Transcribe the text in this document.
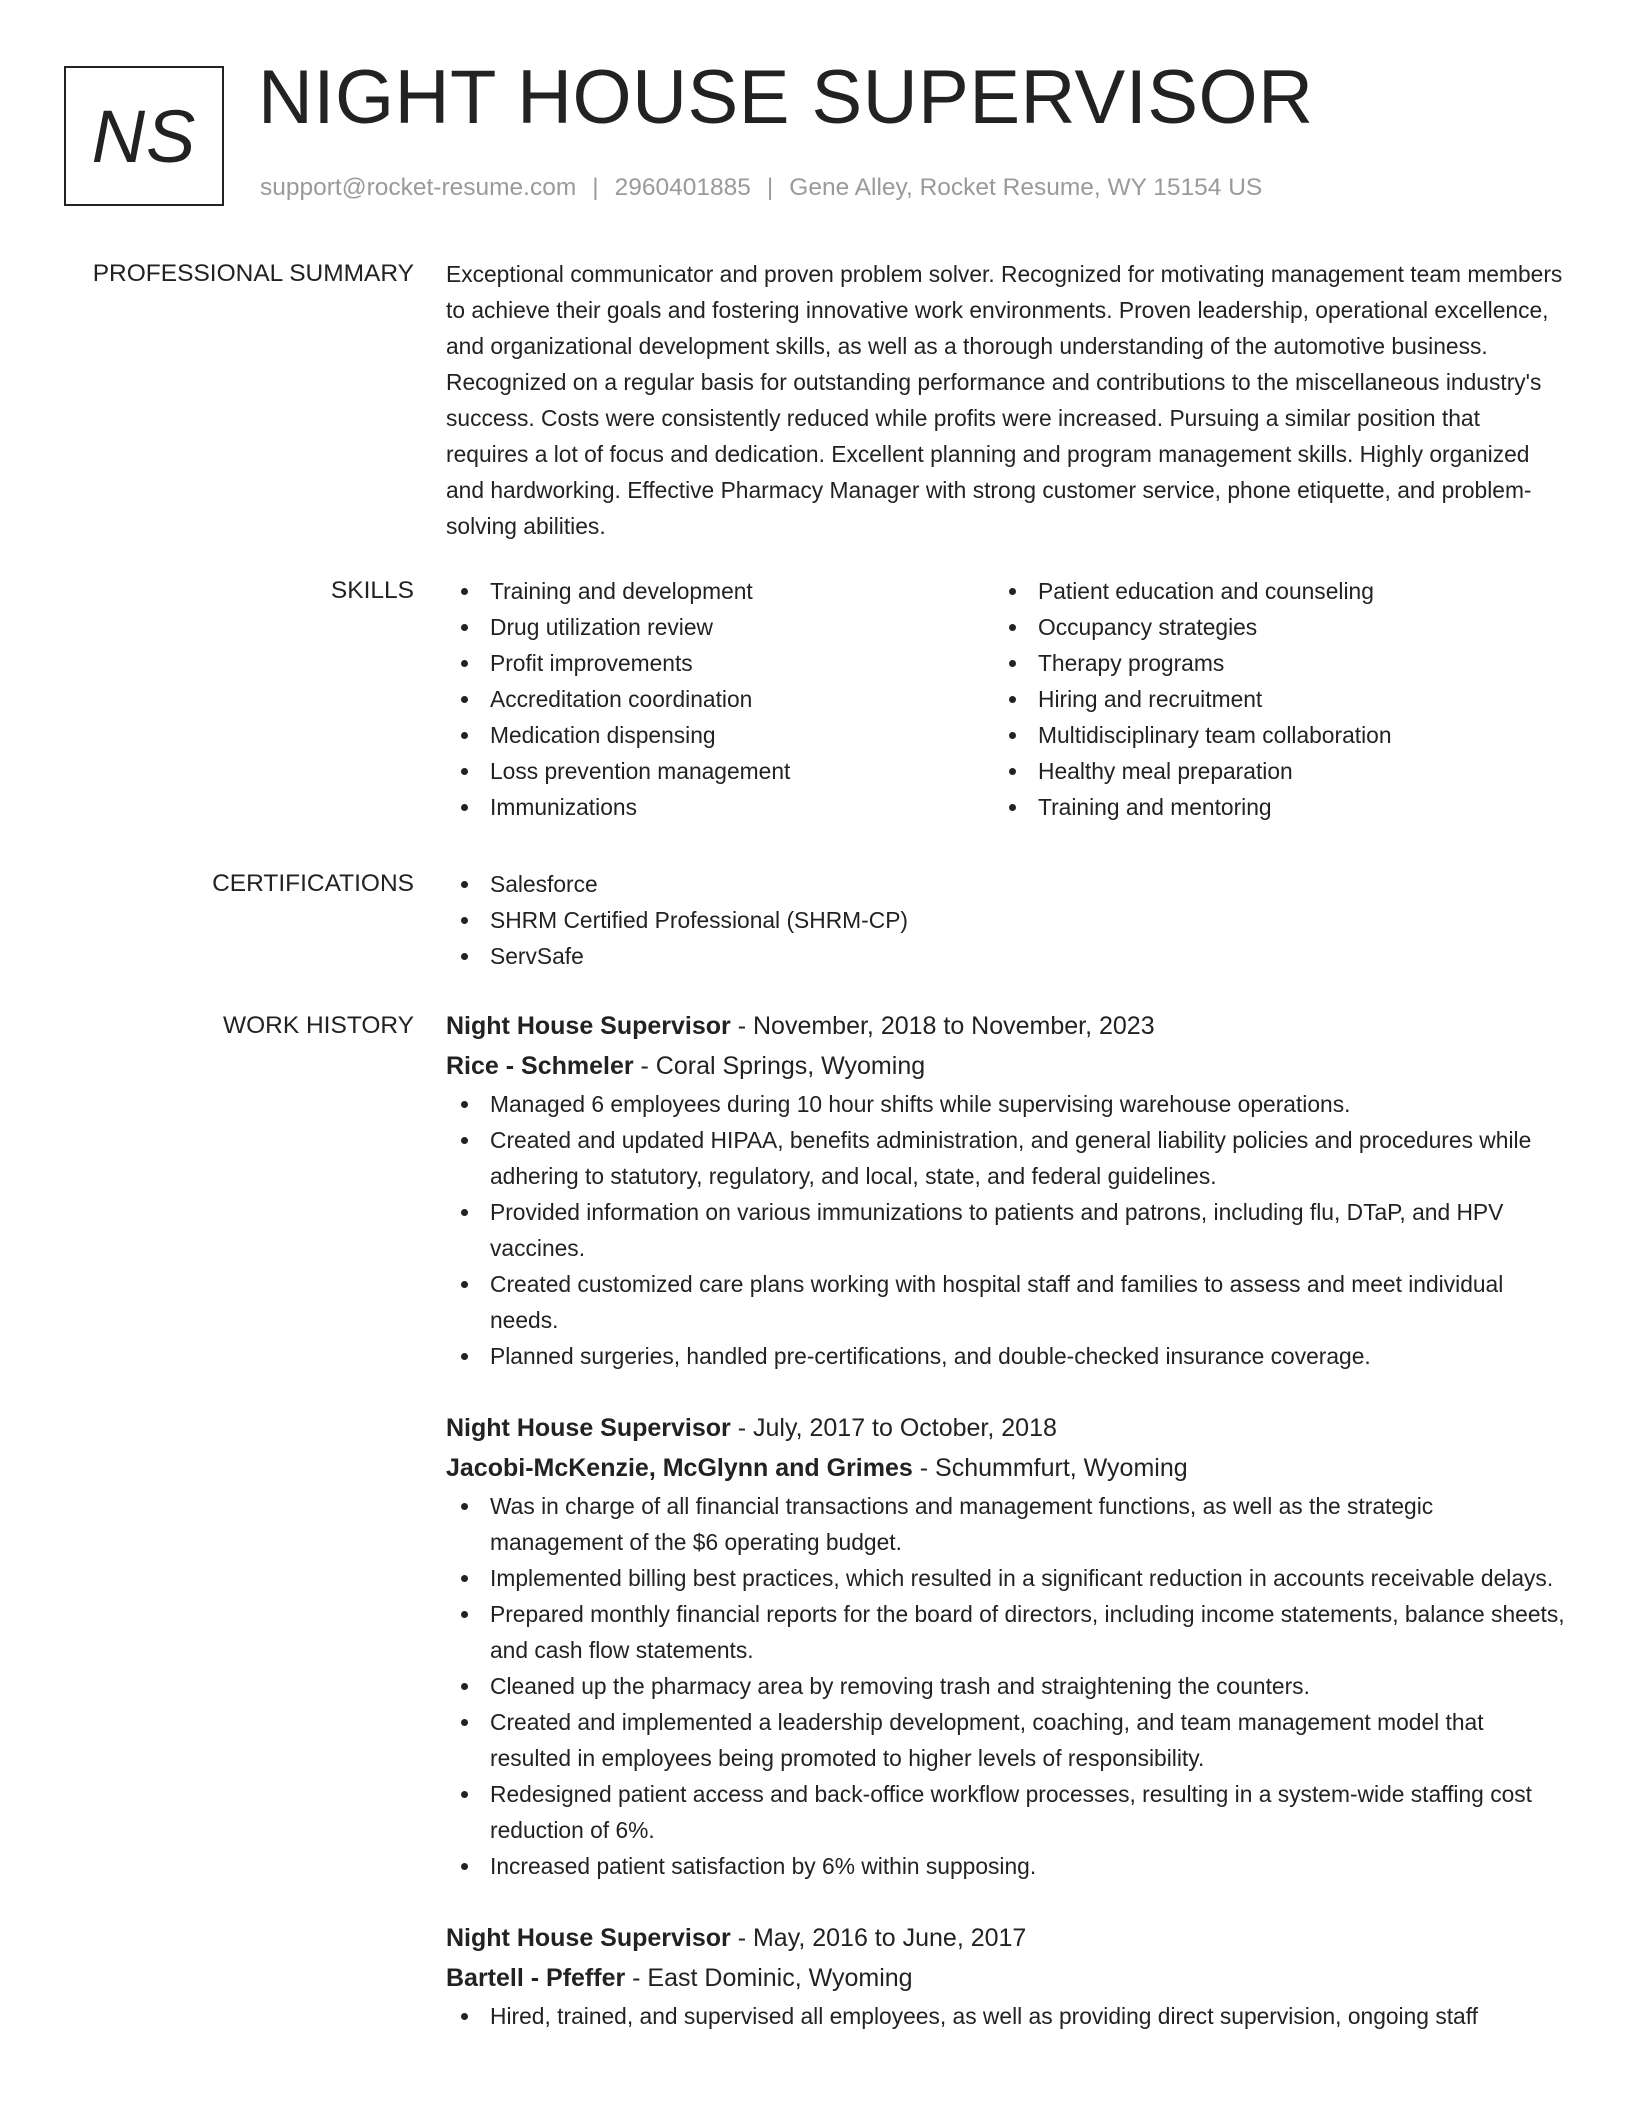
NS NIGHT HOUSE SUPERVISOR
support@rocket-resume.com | 2960401885 | Gene Alley, Rocket Resume, WY 15154 US
PROFESSIONAL SUMMARY Exceptional communicator and proven problem solver. Recognized for motivating management team members to achieve their goals and fostering innovative work environments. Proven leadership, operational excellence, and organizational development skills, as well as a thorough understanding of the automotive business. Recognized on a regular basis for outstanding performance and contributions to the miscellaneous industry's success. Costs were consistently reduced while profits were increased. Pursuing a similar position that requires a lot of focus and dedication. Excellent planning and program management skills. Highly organized and hardworking. Effective Pharmacy Manager with strong customer service, phone etiquette, and problem-solving abilities.

SKILLS	Training and development
Drug utilization review
Profit improvements
Accreditation coordination
Medication dispensing
Loss prevention management
Immunizations
Patient education and counseling
Occupancy strategies
Therapy programs
Hiring and recruitment
Multidisciplinary team collaboration
Healthy meal preparation
Training and mentoring
CERTIFICATIONS	Salesforce
SHRM Certified Professional (SHRM-CP)
ServSafe
WORK HISTORY Night House Supervisor - November, 2018 to November, 2023
Rice - Schmeler - Coral Springs, Wyoming
Managed 6 employees during 10 hour shifts while supervising warehouse operations.
Created and updated HIPAA, benefits administration, and general liability policies and procedures while adhering to statutory, regulatory, and local, state, and federal guidelines.
Provided information on various immunizations to patients and patrons, including flu, DTaP, and HPV vaccines.
Created customized care plans working with hospital staff and families to assess and meet individual needs.
Planned surgeries, handled pre-certifications, and double-checked insurance coverage.
Night House Supervisor - July, 2017 to October, 2018
Jacobi-McKenzie, McGlynn and Grimes - Schummfurt, Wyoming
Was in charge of all financial transactions and management functions, as well as the strategic management of the $6 operating budget.
Implemented billing best practices, which resulted in a significant reduction in accounts receivable delays.
Prepared monthly financial reports for the board of directors, including income statements, balance sheets, and cash flow statements.
Cleaned up the pharmacy area by removing trash and straightening the counters.
Created and implemented a leadership development, coaching, and team management model that resulted in employees being promoted to higher levels of responsibility.
Redesigned patient access and back-office workflow processes, resulting in a system-wide staffing cost reduction of 6%.
Increased patient satisfaction by 6% within supposing.
Night House Supervisor - May, 2016 to June, 2017
Bartell - Pfeffer - East Dominic, Wyoming
Hired, trained, and supervised all employees, as well as providing direct supervision, ongoing staff
